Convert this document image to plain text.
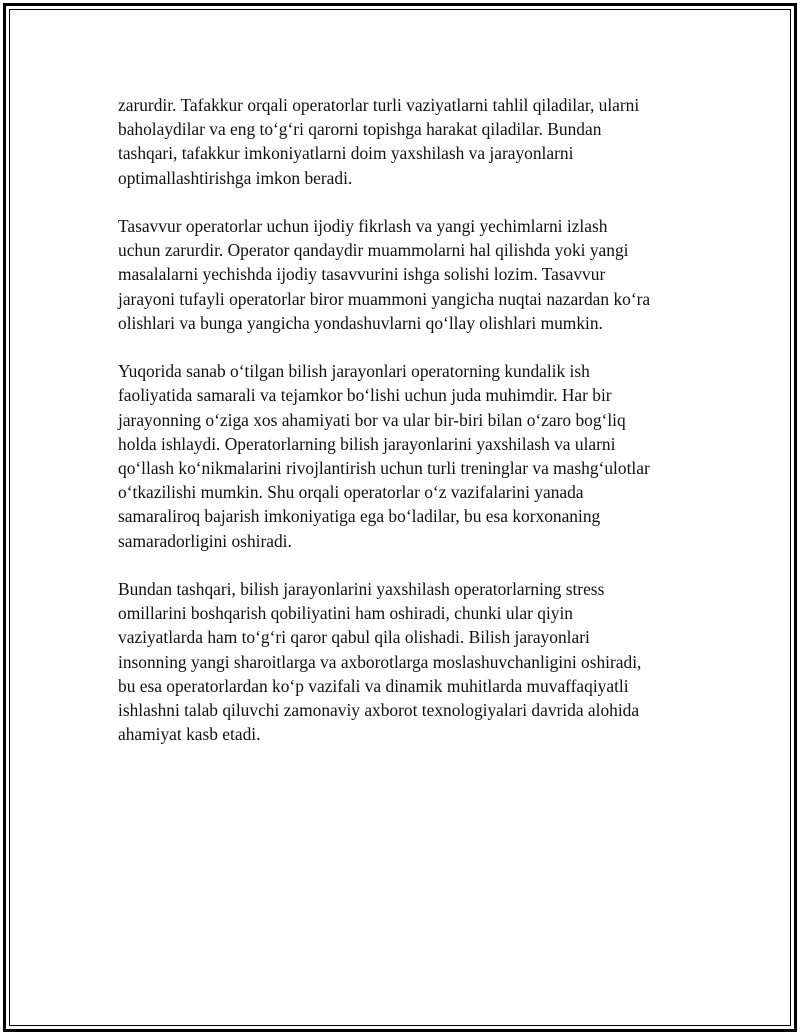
zarurdir. Tafakkur orqali operatorlar turli vaziyatlarni tahlil qiladilar, ularni
baholaydilar va eng to‘g‘ri qarorni topishga harakat qiladilar. Bundan
tashqari, tafakkur imkoniyatlarni doim yaxshilash va jarayonlarni
optimallashtirishga imkon beradi.

Tasavvur operatorlar uchun ijodiy fikrlash va yangi yechimlarni izlash
uchun zarurdir. Operator qandaydir muammolarni hal qilishda yoki yangi
masalalarni yechishda ijodiy tasavvurini ishga solishi lozim. Tasavvur
jarayoni tufayli operatorlar biror muammoni yangicha nuqtai nazardan ko‘ra
olishlari va bunga yangicha yondashuvlarni qo‘llay olishlari mumkin.

Yuqorida sanab o‘tilgan bilish jarayonlari operatorning kundalik ish
faoliyatida samarali va tejamkor bo‘lishi uchun juda muhimdir. Har bir
jarayonning o‘ziga xos ahamiyati bor va ular bir-biri bilan o‘zaro bog‘liq
holda ishlaydi. Operatorlarning bilish jarayonlarini yaxshilash va ularni
qo‘llash ko‘nikmalarini rivojlantirish uchun turli treninglar va mashg‘ulotlar
o‘tkazilishi mumkin. Shu orqali operatorlar o‘z vazifalarini yanada
samaraliroq bajarish imkoniyatiga ega bo‘ladilar, bu esa korxonaning
samaradorligini oshiradi.

Bundan tashqari, bilish jarayonlarini yaxshilash operatorlarning stress
omillarini boshqarish qobiliyatini ham oshiradi, chunki ular qiyin
vaziyatlarda ham to‘g‘ri qaror qabul qila olishadi. Bilish jarayonlari
insonning yangi sharoitlarga va axborotlarga moslashuvchanligini oshiradi,
bu esa operatorlardan ko‘p vazifali va dinamik muhitlarda muvaffaqiyatli
ishlashni talab qiluvchi zamonaviy axborot texnologiyalari davrida alohida
ahamiyat kasb etadi.
